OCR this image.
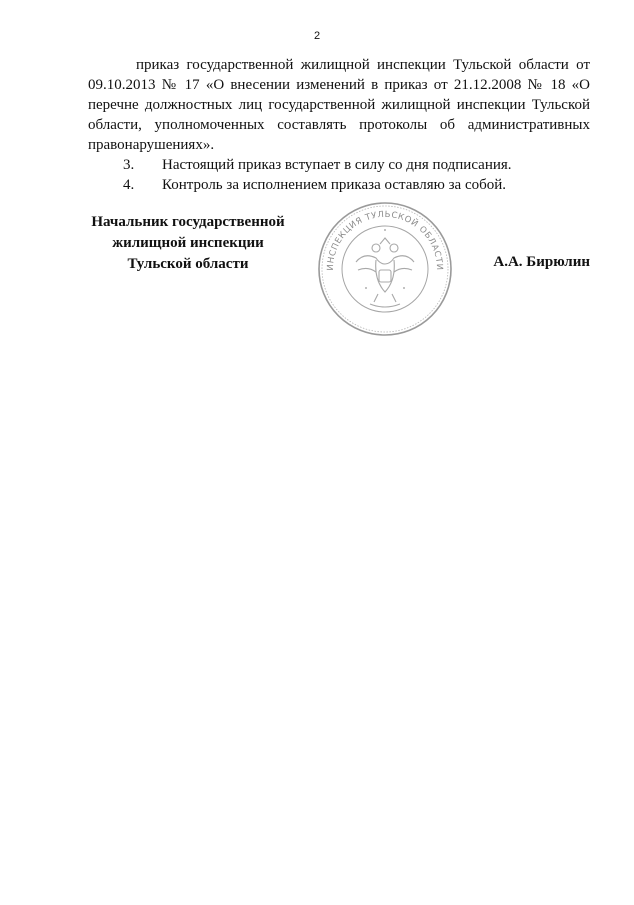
2

приказ государственной жилищной инспекции Тульской области от 09.10.2013 № 17 «О внесении изменений в приказ от 21.12.2008 № 18 «О перечне должностных лиц государственной жилищной инспекции Тульской области, уполномоченных составлять протоколы об административных правонарушениях».

3.	Настоящий приказ вступает в силу со дня подписания.
4.	Контроль за исполнением приказа оставляю за собой.
Начальник государственной
жилищной инспекции
Тульской области	ИНСПЕКЦИЯ ТУЛЬСКОЙ ОБЛАСТИ	А.А. Бирюлин
